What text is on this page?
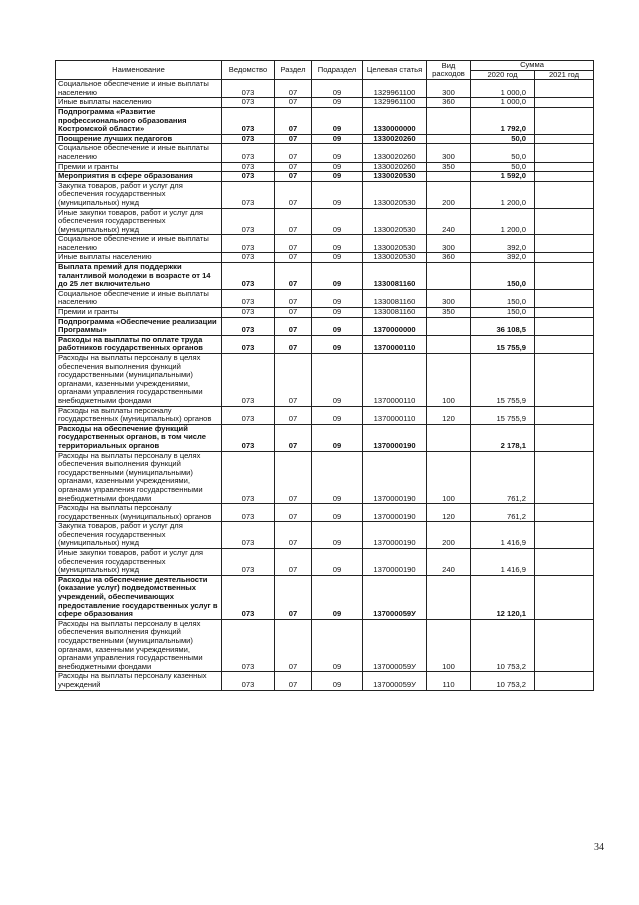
Наименование	Ведомство	Раздел	Подраздел	Целевая статья	Вид расходов	Сумма	
						2020 год	2021 год
Социальное обеспечение и иные выплаты населению	073	07	09	1329961100	300	1 000,0	
Иные выплаты населению	073	07	09	1329961100	360	1 000,0	
Подпрограмма «Развитие профессионального образования Костромской области»	073	07	09	1330000000		1 792,0	
Поощрение лучших педагогов	073	07	09	1330020260		50,0	
Социальное обеспечение и иные выплаты населению	073	07	09	1330020260	300	50,0	
Премии и гранты	073	07	09	1330020260	350	50,0	
Мероприятия в сфере образования	073	07	09	1330020530		1 592,0	
Закупка товаров, работ и услуг для обеспечения государственных (муниципальных) нужд	073	07	09	1330020530	200	1 200,0	
Иные закупки товаров, работ и услуг для обеспечения государственных (муниципальных) нужд	073	07	09	1330020530	240	1 200,0	
Социальное обеспечение и иные выплаты населению	073	07	09	1330020530	300	392,0	
Иные выплаты населению	073	07	09	1330020530	360	392,0	
Выплата премий для поддержки талантливой молодежи в возрасте от 14 до 25 лет включительно	073	07	09	1330081160		150,0	
Социальное обеспечение и иные выплаты населению	073	07	09	1330081160	300	150,0	
Премии и гранты	073	07	09	1330081160	350	150,0	
Подпрограмма «Обеспечение реализации Программы»	073	07	09	1370000000		36 108,5	
Расходы на выплаты по оплате труда работников государственных органов	073	07	09	1370000110		15 755,9	
Расходы на выплаты персоналу в целях обеспечения выполнения функций государственными (муниципальными) органами, казенными учреждениями, органами управления государственными внебюджетными фондами	073	07	09	1370000110	100	15 755,9	
Расходы на выплаты персоналу государственных (муниципальных) органов	073	07	09	1370000110	120	15 755,9	
Расходы на обеспечение функций государственных органов, в том числе территориальных органов	073	07	09	1370000190		2 178,1	
Расходы на выплаты персоналу в целях обеспечения выполнения функций государственными (муниципальными) органами, казенными учреждениями, органами управления государственными внебюджетными фондами	073	07	09	1370000190	100	761,2	
Расходы на выплаты персоналу государственных (муниципальных) органов	073	07	09	1370000190	120	761,2	
Закупка товаров, работ и услуг для обеспечения государственных (муниципальных) нужд	073	07	09	1370000190	200	1 416,9	
Иные закупки товаров, работ и услуг для обеспечения государственных (муниципальных) нужд	073	07	09	1370000190	240	1 416,9	
Расходы на обеспечение деятельности (оказание услуг) подведомственных учреждений, обеспечивающих предоставление государственных услуг в сфере образования	073	07	09	137000059У		12 120,1	
Расходы на выплаты персоналу в целях обеспечения выполнения функций государственными (муниципальными) органами, казенными учреждениями, органами управления государственными внебюджетными фондами	073	07	09	137000059У	100	10 753,2	
Расходы на выплаты персоналу казенных учреждений	073	07	09	137000059У	110	10 753,2	
34
